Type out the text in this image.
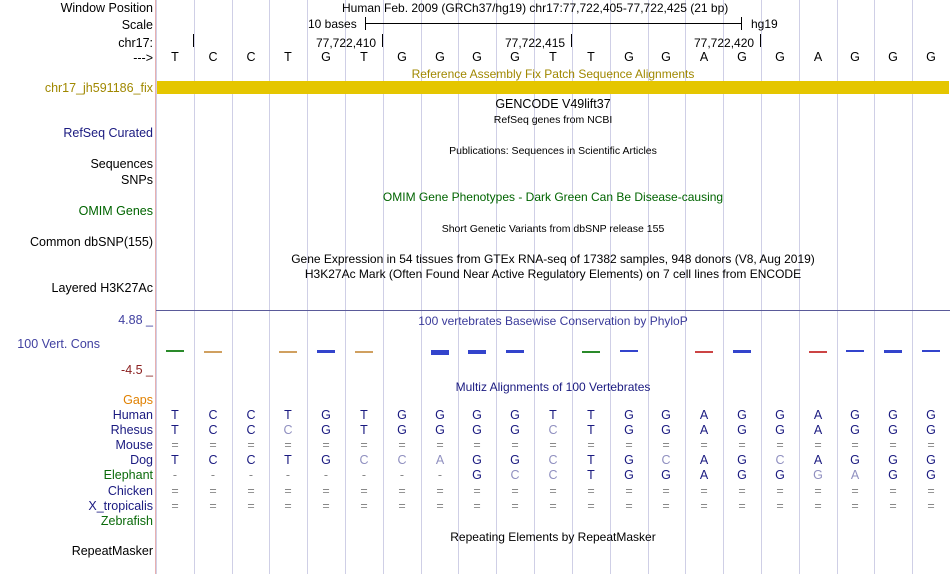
Window Position	Human Feb. 2009 (GRCh37/hg19) chr17:77,722,405-77,722,425 (21 bp)
Scale	10 bases	hg19
chr17:	77,722,410	77,722,415	77,722,420
--->
Reference Assembly Fix Patch Sequence Alignments
chr17_jh591186_fix
GENCODE V49lift37
RefSeq genes from NCBI
RefSeq Curated
Publications: Sequences in Scientific Articles
Sequences
SNPs
OMIM Gene Phenotypes - Dark Green Can Be Disease-causing
OMIM Genes
Short Genetic Variants from dbSNP release 155
Common dbSNP(155)
Gene Expression in 54 tissues from GTEx RNA-seq of 17382 samples, 948 donors (V8, Aug 2019)
H3K27Ac Mark (Often Found Near Active Regulatory Elements) on 7 cell lines from ENCODE
Layered H3K27Ac
4.88 _	100 vertebrates Basewise Conservation by PhyloP
100 Vert. Cons
-4.5 _
Multiz Alignments of 100 Vertebrates
Gaps
Repeating Elements by RepeatMasker
RepeatMasker
T	C	C	T	G	T	G	G	G	G	T	T	G	G	A	G	G	A	G	G	G
Human	T	C	C	T	G	T	G	G	G	G	T	T	G	G	A	G	G	A	G	G	G
Rhesus	T	C	C	C	G	T	G	G	G	G	C	T	G	G	A	G	G	A	G	G	G
Mouse	=	=	=	=	=	=	=	=	=	=	=	=	=	=	=	=	=	=	=	=	=
Dog	T	C	C	T	G	C	C	A	G	G	C	T	G	C	A	G	C	A	G	G	G
Elephant	-	-	-	-	-	-	-	-	G	C	C	T	G	G	A	G	G	G	A	G	G
Chicken	=	=	=	=	=	=	=	=	=	=	=	=	=	=	=	=	=	=	=	=	=
X_tropicalis	=	=	=	=	=	=	=	=	=	=	=	=	=	=	=	=	=	=	=	=	=
Zebrafish
